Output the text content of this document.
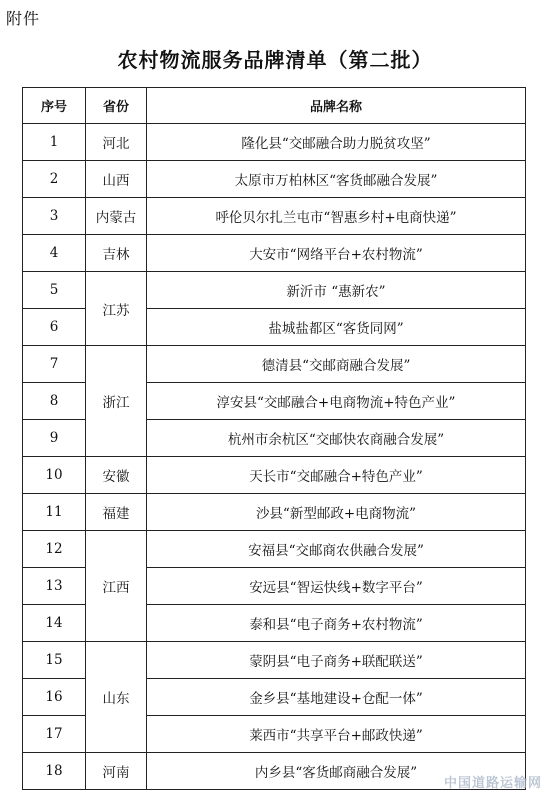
附件
农村物流服务品牌清单（第二批）
序号	省份	品牌名称
1	河北	隆化县“交邮融合助力脱贫攻坚”
2	山西	太原市万柏林区“客货邮融合发展”
3	内蒙古	呼伦贝尔扎兰屯市“智惠乡村+电商快递”
4	吉林	大安市“网络平台+农村物流”
5	江苏	新沂市 “惠新农”
6		盐城盐都区“客货同网”
7	浙江	德清县“交邮商融合发展”
8		淳安县“交邮融合+电商物流+特色产业”
9		杭州市余杭区“交邮快农商融合发展”
10	安徽	天长市“交邮融合+特色产业”
11	福建	沙县“新型邮政+电商物流”
12	江西	安福县“交邮商农供融合发展”
13		安远县“智运快线+数字平台”
14		泰和县“电子商务+农村物流”
15	山东	蒙阴县“电子商务+联配联送”
16		金乡县“基地建设+仓配一体”
17		莱西市“共享平台+邮政快递”
18	河南	内乡县“客货邮商融合发展”
中国道路运输网
